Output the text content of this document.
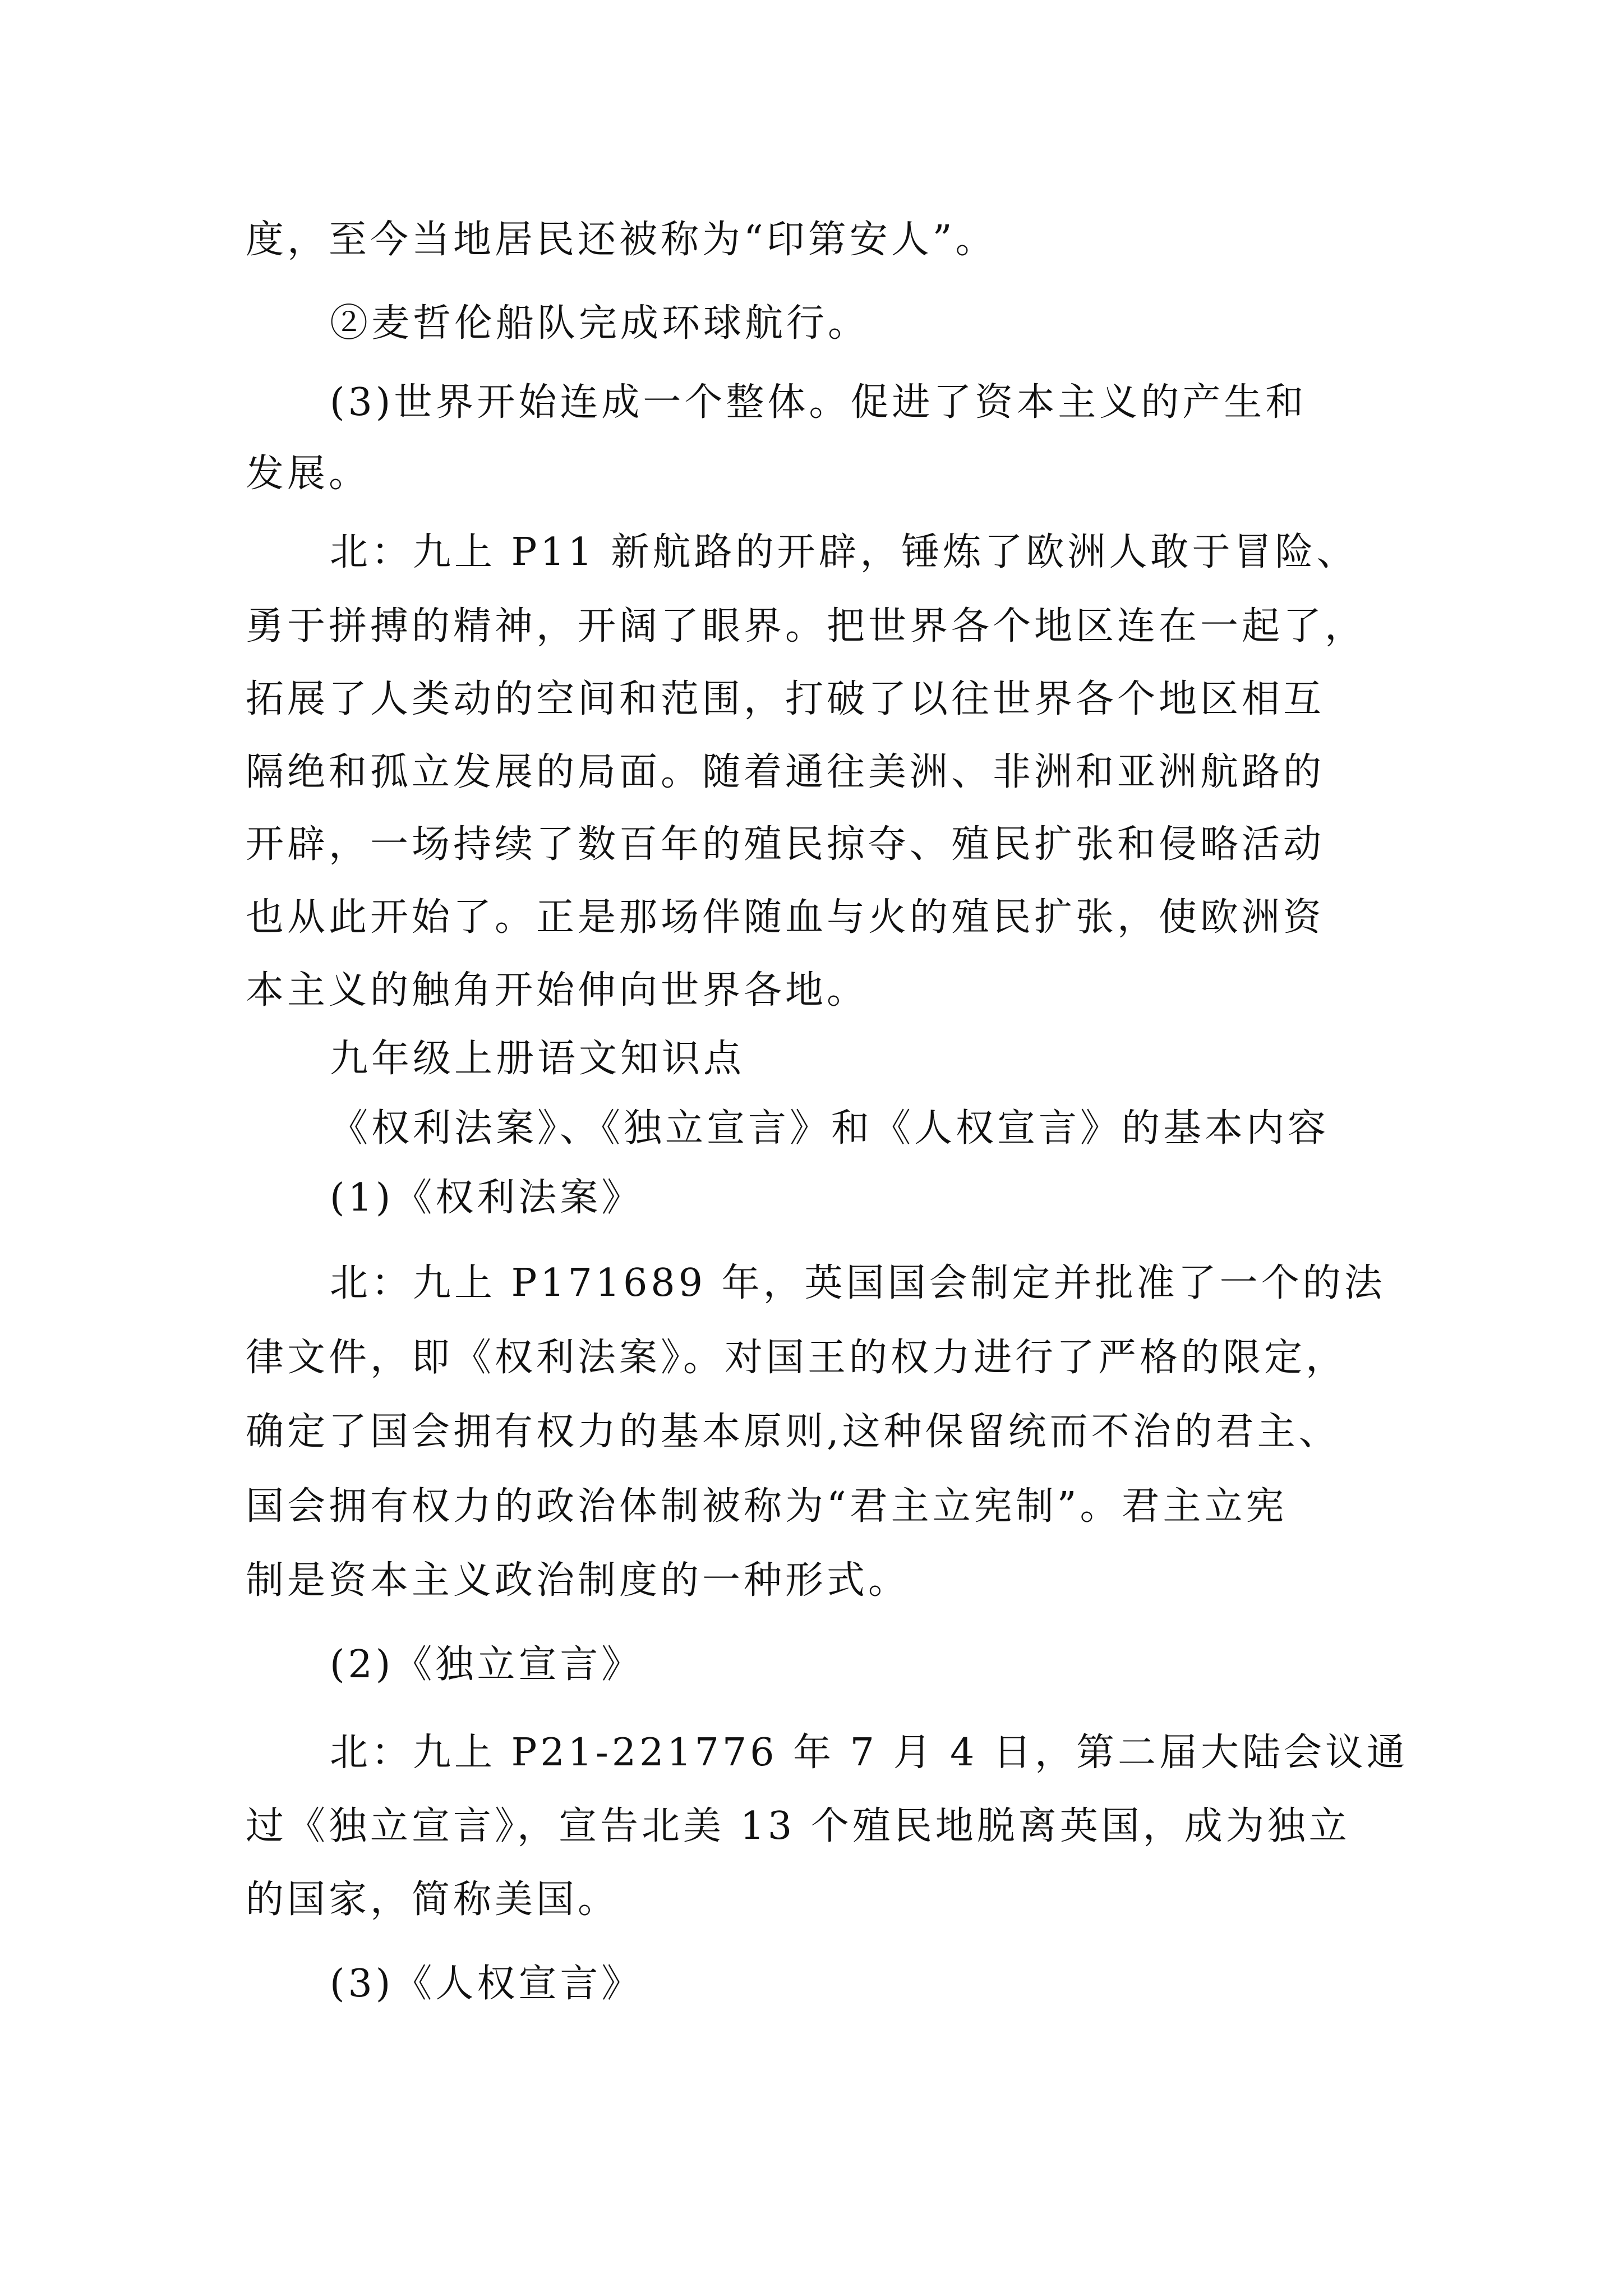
度，至今当地居民还被称为“印第安人”。
②麦哲伦船队完成环球航行。
(3)世界开始连成一个整体。促进了资本主义的产生和
发展。
北：九上 P11 新航路的开辟，锤炼了欧洲人敢于冒险、
勇于拼搏的精神，开阔了眼界。把世界各个地区连在一起了，
拓展了人类动的空间和范围，打破了以往世界各个地区相互
隔绝和孤立发展的局面。随着通往美洲、非洲和亚洲航路的
开辟，一场持续了数百年的殖民掠夺、殖民扩张和侵略活动
也从此开始了。正是那场伴随血与火的殖民扩张，使欧洲资
本主义的触角开始伸向世界各地。
九年级上册语文知识点
《权利法案》、《独立宣言》和《人权宣言》的基本内容
(1)《权利法案》
北：九上 P171689 年，英国国会制定并批准了一个的法
律文件，即《权利法案》。对国王的权力进行了严格的限定，
确定了国会拥有权力的基本原则,这种保留统而不治的君主、
国会拥有权力的政治体制被称为“君主立宪制”。君主立宪
制是资本主义政治制度的一种形式。
(2)《独立宣言》
北：九上 P21-221776 年 7 月 4 日，第二届大陆会议通
过《独立宣言》，宣告北美 13 个殖民地脱离英国，成为独立
的国家，简称美国。
(3)《人权宣言》
